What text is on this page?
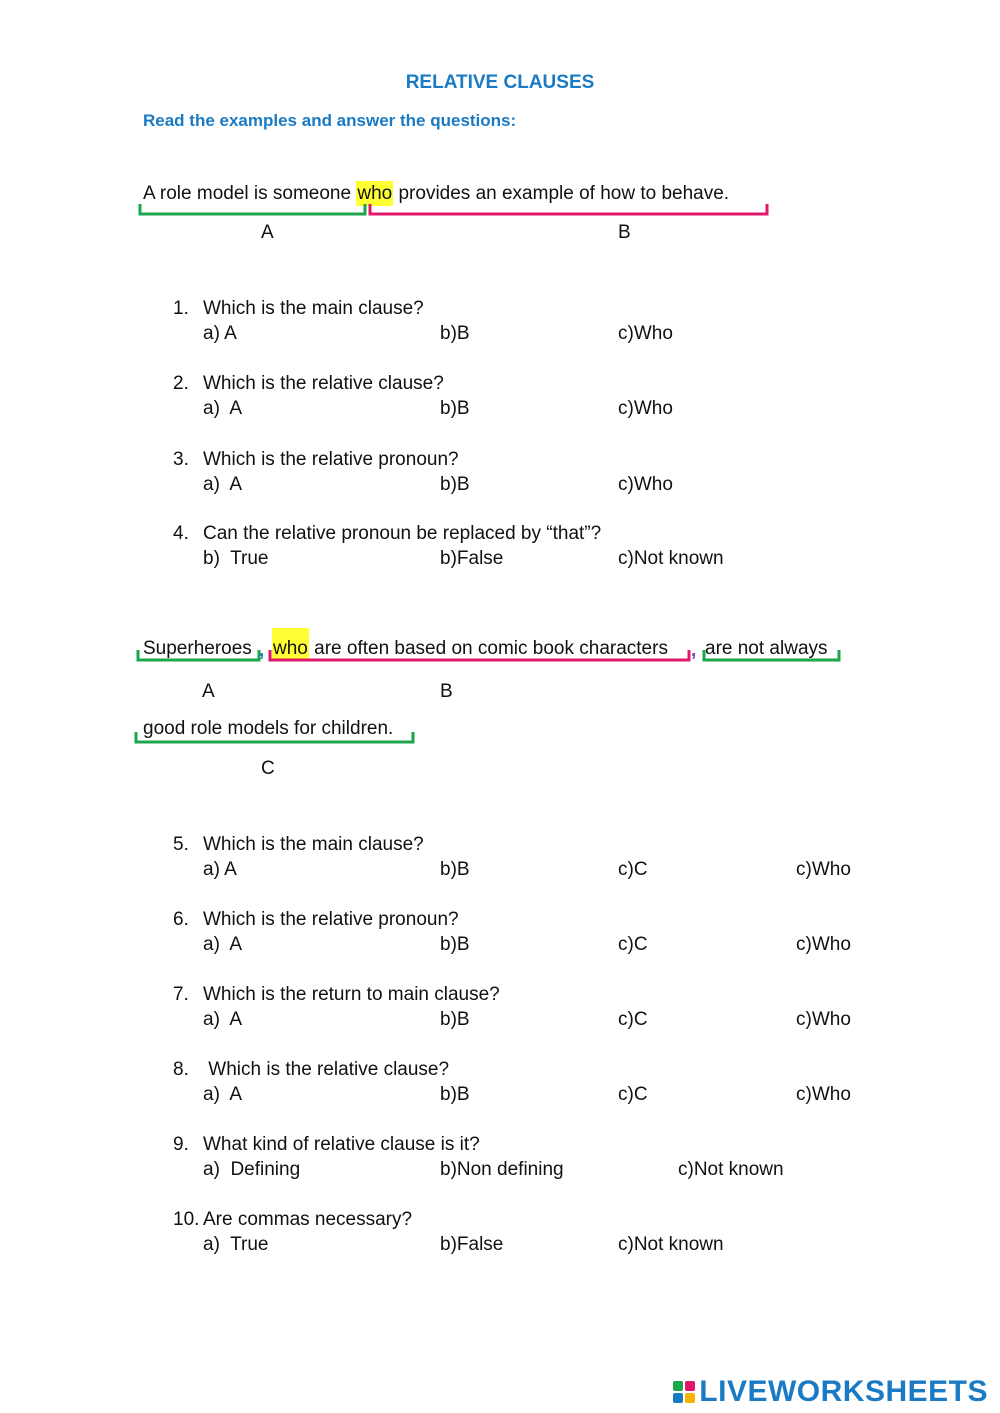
RELATIVE CLAUSES
Read the examples and answer the questions:
A role model is someone who provides an example of how to behave.
A	B
1. Which is the main clause?
a) A	b)B	c)Who
2. Which is the relative clause?
a)  A	b)B	c)Who
3. Which is the relative pronoun?
a)  A	b)B	c)Who
4. Can the relative pronoun be replaced by “that”?
b)  True	b)False	c)Not known
Superheroes , who are often based on comic book characters , are not always
good role models for children.
A	B
C
5. Which is the main clause?
a) A	b)B	c)C	c)Who
6. Which is the relative pronoun?
a)  A	b)B	c)C	c)Who
7. Which is the return to main clause?
a)  A	b)B	c)C	c)Who
8. Which is the relative clause?
a)  A	b)B	c)C	c)Who
9. What kind of relative clause is it?
a)  Defining	b)Non defining	c)Not known
10. Are commas necessary?
a)  True	b)False	c)Not known
LIVEWORKSHEETS
